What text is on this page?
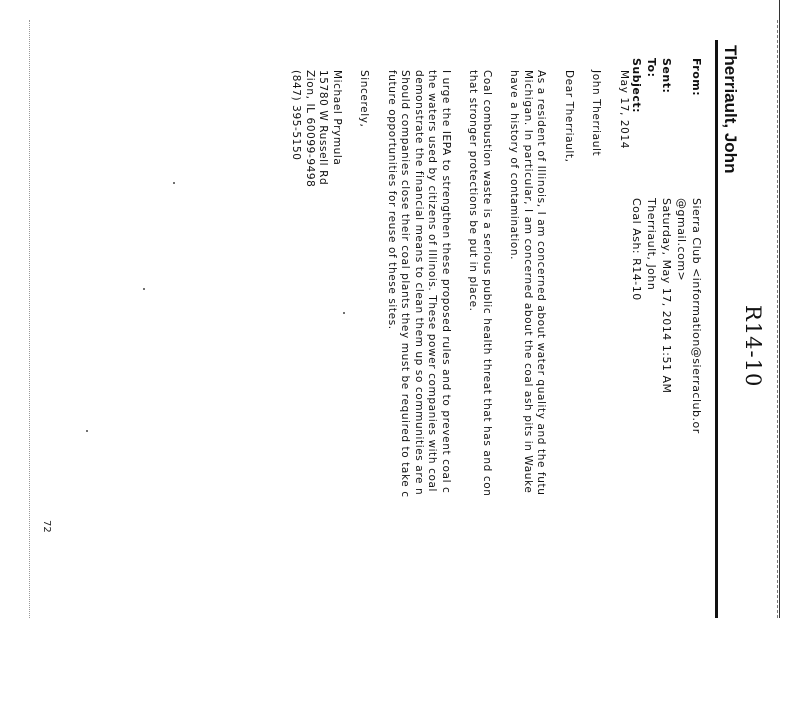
R14-10
Therriault, John
From:
Sierra Club <information@sierraclub.or
@gmail.com>
Sent:
Saturday, May 17, 2014 1:51 AM
To:
Therriault, John
Subject:
Coal Ash: R14-10

May 17, 2014

John Therriault

Dear Therriault,

As a resident of Illinois, I am concerned about water quality and the futu
Michigan. In particular, I am concerned about the coal ash pits in Wauke
have a history of contamination.

Coal combustion waste is a serious public health threat that has and con
that stronger protections be put in place.

I urge the IEPA to strengthen these proposed rules and to prevent coal c
the waters used by citizens of Illinois. These power companies with coal
demonstrate the financial means to clean them up so communities are n
Should companies close their coal plants they must be required to take c
future opportunities for reuse of these sites.

Sincerely,

Michael Prymula
15780 W Russell Rd
Zion, IL 60099-9498
(847) 395-5150

72
